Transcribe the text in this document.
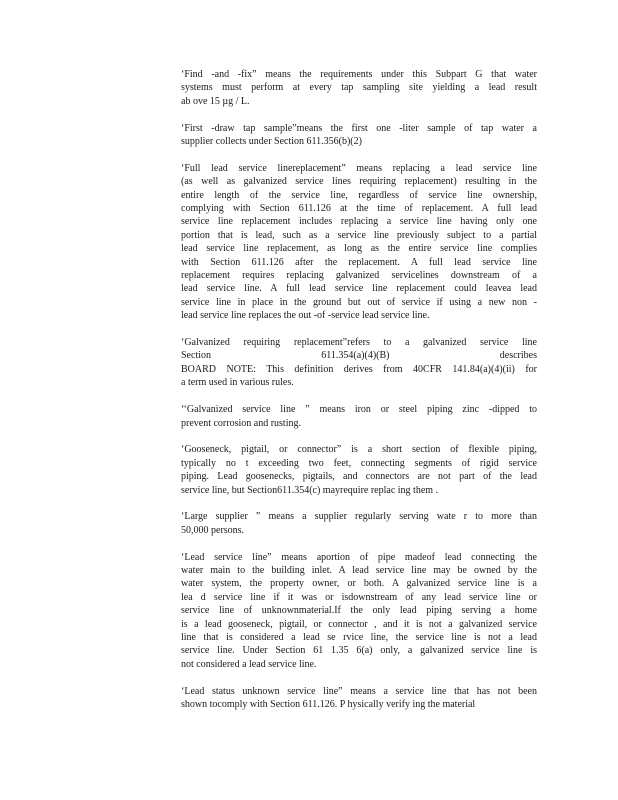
‘Find -and -fix” means the requirements under this Subpart G that water
systems must perform at every tap sampling site yielding a lead result
ab ove 15 µg / L.
‘First -draw tap sample”means the first one -liter sample of tap water a
supplier collects under Section 611.356(b)(2)
‘Full lead service linereplacement” means replacing a lead service line
(as well as galvanized service lines requiring replacement) resulting in the
entire length of the service line, regardless of service line ownership,
complying with Section 611.126 at the time of replacement. A full lead
service line replacement includes replacing a service line having only one
portion that is lead, such as a service line previously subject to a partial
lead service line replacement, as long as the entire service line complies
with Section 611.126 after the replacement. A full lead service line
replacement requires replacing galvanized servicelines downstream of a
lead service line. A full lead service line replacement could leavea lead
service line in place in the ground but out of service if using a new non -
lead service line replaces the out -of -service lead service line.
‘Galvanized requiring replacement”refers to a galvanized service line
Section 611.354(a)(4)(B) describes
BOARD NOTE: This definition derives from 40CFR 141.84(a)(4)(ii) for
a term used in various rules.
‘‘Galvanized service line ” means iron or steel piping zinc -dipped to
prevent corrosion and rusting.
‘Gooseneck, pigtail, or connector” is a short section of flexible piping,
typically no t exceeding two feet, connecting segments of rigid service
piping. Lead goosenecks, pigtails, and connectors are not part of the lead
service line, but Section611.354(c) mayrequire replac ing them .
‘Large supplier ” means a supplier regularly serving wate r to more than
50,000 persons.
‘Lead service line” means aportion of pipe madeof lead connecting the
water main to the building inlet. A lead service line may be owned by the
water system, the property owner, or both. A galvanized service line is a
lea d service line if it was or isdownstream of any lead service line or
service line of unknownmaterial.If the only lead piping serving a home
is a lead gooseneck, pigtail, or connector , and it is not a galvanized service
line that is considered a lead se rvice line, the service line is not a lead
service line. Under Section 61 1.35 6(a) only, a galvanized service line is
not considered a lead service line.
‘Lead status unknown service line” means a service line that has not been
shown tocomply with Section 611.126. P hysically verify ing the material
